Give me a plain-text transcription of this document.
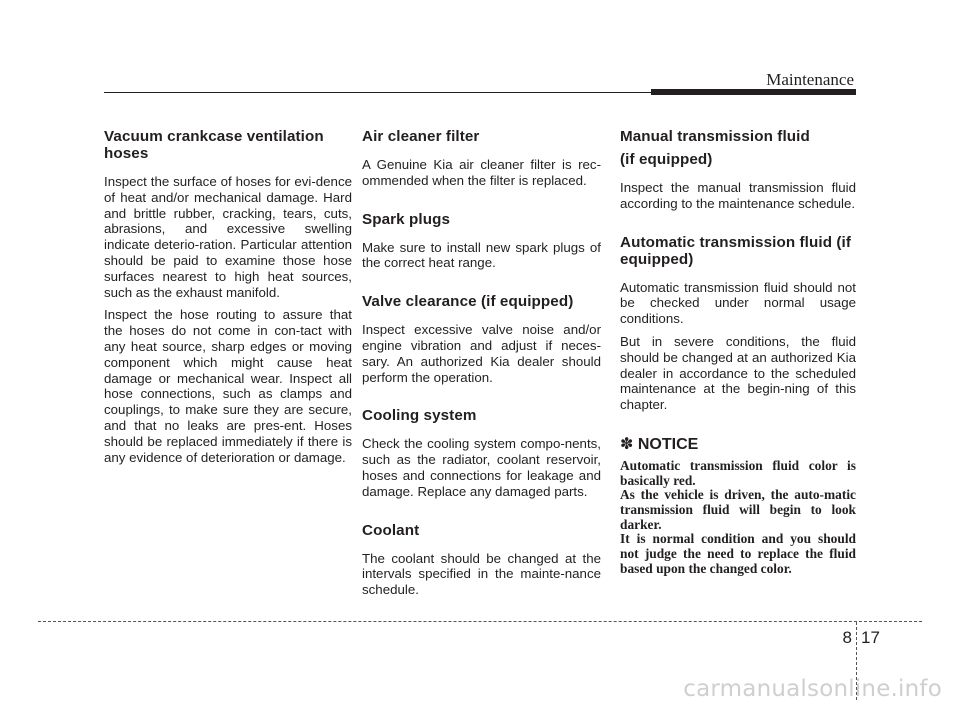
Maintenance
Vacuum crankcase ventilation hoses

Inspect the surface of hoses for evi-dence of heat and/or mechanical damage. Hard and brittle rubber, cracking, tears, cuts, abrasions, and excessive swelling indicate deterio-ration. Particular attention should be paid to examine those hose surfaces nearest to high heat sources, such as the exhaust manifold.

Inspect the hose routing to assure that the hoses do not come in con-tact with any heat source, sharp edges or moving component which might cause heat damage or mechanical wear. Inspect all hose connections, such as clamps and couplings, to make sure they are secure, and that no leaks are pres-ent. Hoses should be replaced immediately if there is any evidence of deterioration or damage.

Air cleaner filter

A Genuine Kia air cleaner filter is rec-ommended when the filter is replaced.

Spark plugs

Make sure to install new spark plugs of the correct heat range.

Valve clearance (if equipped)

Inspect excessive valve noise and/or engine vibration and adjust if neces-sary. An authorized Kia dealer should perform the operation.

Cooling system

Check the cooling system compo-nents, such as the radiator, coolant reservoir, hoses and connections for leakage and damage. Replace any damaged parts.

Coolant

The coolant should be changed at the intervals specified in the mainte-nance schedule.

Manual transmission fluid
(if equipped)

Inspect the manual transmission fluid according to the maintenance schedule.

Automatic transmission fluid (if equipped)

Automatic transmission fluid should not be checked under normal usage conditions.

But in severe conditions, the fluid should be changed at an authorized Kia dealer in accordance to the scheduled maintenance at the begin-ning of this chapter.

✽ NOTICE

Automatic transmission fluid color is basically red.

As the vehicle is driven, the auto-matic transmission fluid will begin to look darker.

It is normal condition and you should not judge the need to replace the fluid based upon the changed color.

8 17
carmanualsonline.info
